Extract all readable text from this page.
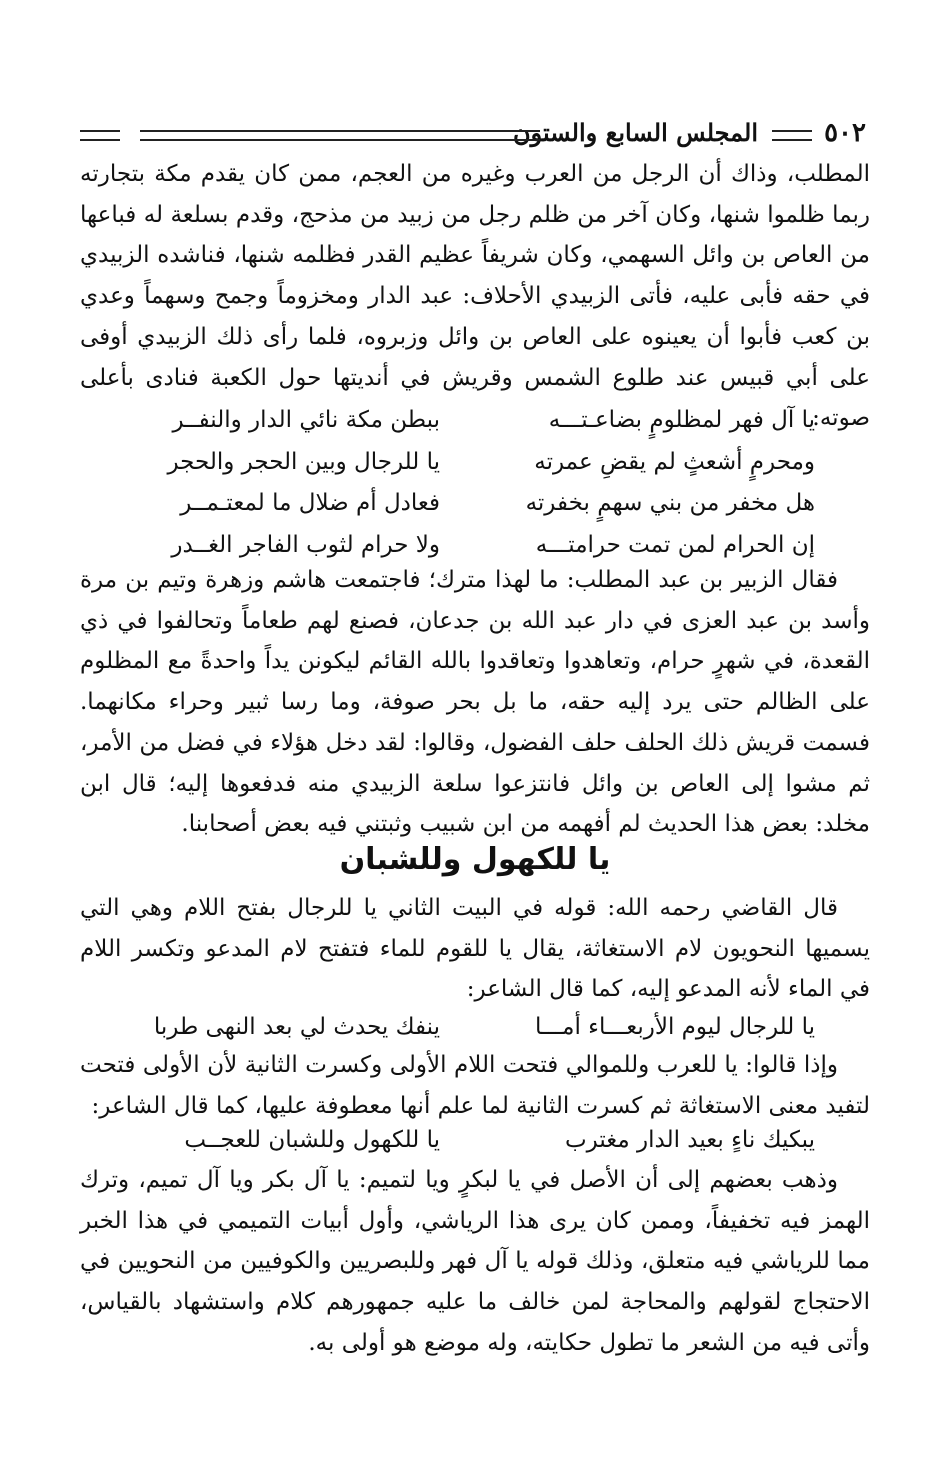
٥٠٢
المجلس السابع والستون

المطلب، وذاك أن الرجل من العرب وغيره من العجم، ممن كان يقدم مكة بتجارته ربما ظلموا شنها، وكان آخر من ظلم رجل من زبيد من مذحج، وقدم بسلعة له فباعها من العاص بن وائل السهمي، وكان شريفاً عظيم القدر فظلمه شنها، فناشده الزبيدي في حقه فأبى عليه، فأتى الزبيدي الأحلاف: عبد الدار ومخزوماً وجمح وسهماً وعدي بن كعب فأبوا أن يعينوه على العاص بن وائل وزبروه، فلما رأى ذلك الزبيدي أوفى على أبي قبيس عند طلوع الشمس وقريش في أنديتها حول الكعبة فنادى بأعلى صوته:

يا آل فهر لمظلومٍ بضاعـتـــه
ببطن مكة نائي الدار والنفــر
ومحرمٍ أشعثٍ لم يقضِ عمرته
يا للرجال وبين الحجر والحجر
هل مخفر من بني سهمٍ بخفرته
فعادل أم ضلال ما لمعتـمــر
إن الحرام لمن تمت حرامتـــه
ولا حرام لثوب الفاجر الغــدر

فقال الزبير بن عبد المطلب: ما لهذا مترك؛ فاجتمعت هاشم وزهرة وتيم بن مرة وأسد بن عبد العزى في دار عبد الله بن جدعان، فصنع لهم طعاماً وتحالفوا في ذي القعدة، في شهرٍ حرام، وتعاهدوا وتعاقدوا بالله القائم ليكونن يداً واحدةً مع المظلوم على الظالم حتى يرد إليه حقه، ما بل بحر صوفة، وما رسا ثبير وحراء مكانهما. فسمت قريش ذلك الحلف حلف الفضول، وقالوا: لقد دخل هؤلاء في فضل من الأمر، ثم مشوا إلى العاص بن وائل فانتزعوا سلعة الزبيدي منه فدفعوها إليه؛ قال ابن مخلد: بعض هذا الحديث لم أفهمه من ابن شبيب وثبتني فيه بعض أصحابنا.

يا للكهول وللشبان

قال القاضي رحمه الله: قوله في البيت الثاني يا للرجال بفتح اللام وهي التي يسميها النحويون لام الاستغاثة، يقال يا للقوم للماء فتفتح لام المدعو وتكسر اللام في الماء لأنه المدعو إليه، كما قال الشاعر:

يا للرجال ليوم الأربعـــاء أمـــا
ينفك يحدث لي بعد النهى طربا

وإذا قالوا: يا للعرب وللموالي فتحت اللام الأولى وكسرت الثانية لأن الأولى فتحت لتفيد معنى الاستغاثة ثم كسرت الثانية لما علم أنها معطوفة عليها، كما قال الشاعر:

يبكيك ناءٍ بعيد الدار مغترب
يا للكهول وللشبان للعجــب

وذهب بعضهم إلى أن الأصل في يا لبكرٍ ويا لتميم: يا آل بكر ويا آل تميم، وترك الهمز فيه تخفيفاً، وممن كان يرى هذا الرياشي، وأول أبيات التميمي في هذا الخبر مما للرياشي فيه متعلق، وذلك قوله يا آل فهر وللبصريين والكوفيين من النحويين في الاحتجاج لقولهم والمحاجة لمن خالف ما عليه جمهورهم كلام واستشهاد بالقياس، وأتى فيه من الشعر ما تطول حكايته، وله موضع هو أولى به.
